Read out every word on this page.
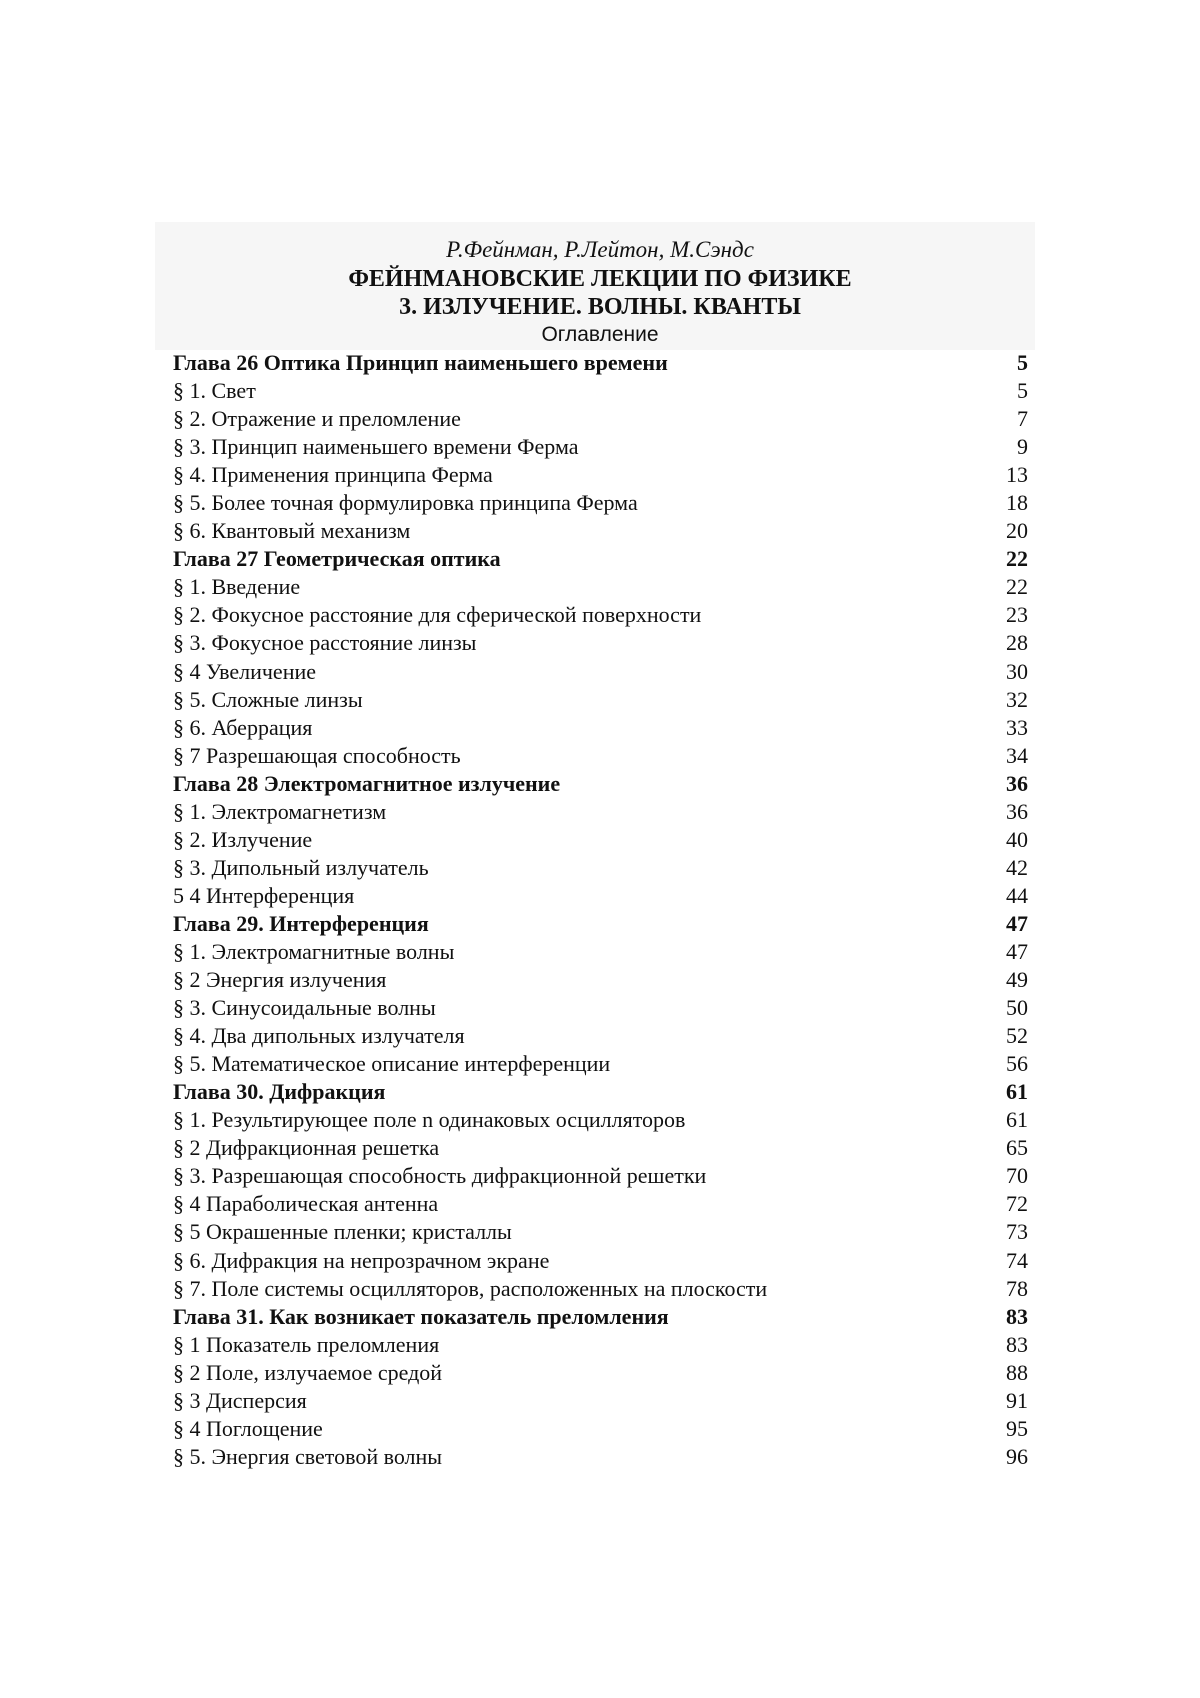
Р.Фейнман, Р.Лейтон, М.Сэндс
ФЕЙНМАНОВСКИЕ ЛЕКЦИИ ПО ФИЗИКЕ
3. ИЗЛУЧЕНИЕ. ВОЛНЫ. КВАНТЫ
Оглавление
Глава 26 Оптика Принцип наименьшего времени	5
§ 1. Свет	5
§ 2. Отражение и преломление	7
§ 3. Принцип наименьшего времени Ферма	9
§ 4. Применения принципа Ферма	13
§ 5. Более точная формулировка принципа Ферма	18
§ 6. Квантовый механизм	20
Глава 27 Геометрическая оптика	22
§ 1. Введение	22
§ 2. Фокусное расстояние для сферической поверхности	23
§ 3. Фокусное расстояние линзы	28
§ 4 Увеличение	30
§ 5. Сложные линзы	32
§ 6. Аберрация	33
§ 7 Разрешающая способность	34
Глава 28 Электромагнитное излучение	36
§ 1. Электромагнетизм	36
§ 2. Излучение	40
§ 3. Дипольный излучатель	42
5 4 Интерференция	44
Глава 29. Интерференция	47
§ 1. Электромагнитные волны	47
§ 2 Энергия излучения	49
§ 3. Синусоидальные волны	50
§ 4. Два дипольных излучателя	52
§ 5. Математическое описание интерференции	56
Глава 30. Дифракция	61
§ 1. Результирующее поле n одинаковых осцилляторов	61
§ 2 Дифракционная решетка	65
§ 3. Разрешающая способность дифракционной решетки	70
§ 4 Параболическая антенна	72
§ 5 Окрашенные пленки; кристаллы	73
§ 6. Дифракция на непрозрачном экране	74
§ 7. Поле системы осцилляторов, расположенных на плоскости	78
Глава 31. Как возникает показатель преломления	83
§ 1 Показатель преломления	83
§ 2 Поле, излучаемое средой	88
§ 3 Дисперсия	91
§ 4 Поглощение	95
§ 5. Энергия световой волны	96
